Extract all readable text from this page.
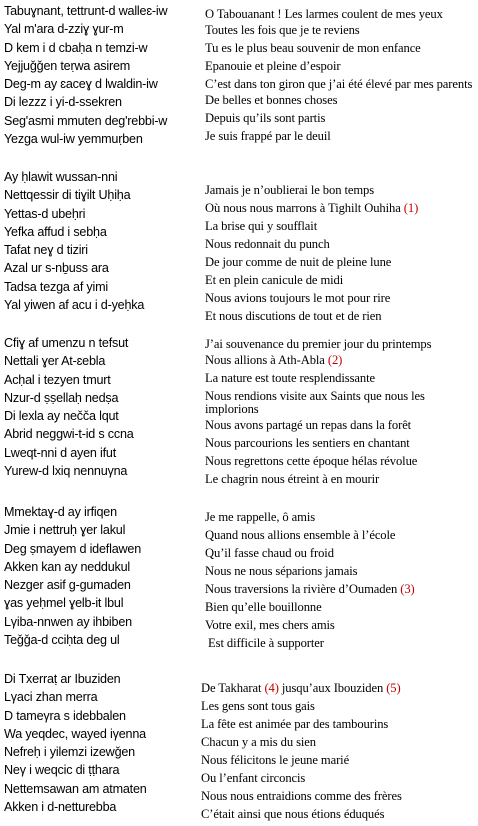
Tabuɣnant, tettrunt-d walleɛ-iw
Yal m'ara d-zziɣ ɣur-m
D kem i d cbaḥa n temzi-w
Yejjuǧǧen teṛwa asirem
Deg-m ay ɛaceɣ d lwaldin-iw
Di lezzz i yi-d-ssekren
Seg'asmi mmuten deg'rebbi-w
Yezga wul-iw yemmuṛben
O Tabouanant ! Les larmes coulent de mes yeux
Toutes les fois que je te reviens
Tu es le plus beau souvenir de mon enfance
Epanouie et pleine d’espoir
C’est dans ton giron que j’ai été élevé par mes parents
De belles et bonnes choses
Depuis qu’ils sont partis
Je suis frappé par le deuil
Ay ḥlawit wussan-nni
Nettqessir di tiɣilt Uḥiḥa
Yettas-d ubeḥri
Yefka affud i sebḥa
Tafat neɣ d tiziri
Azal ur s-nḇuss ara
Tadsa tezga af yimi
Yal yiwen af acu i d-yeḥka
Jamais je n’oublierai le bon temps
Où nous nous marrons à Tighilt Ouhiha (1)
La brise qui y soufflait
Nous redonnait du punch
De jour comme de nuit de pleine lune
Et en plein canicule de midi
Nous avions toujours le mot pour rire
Et nous discutions de tout et de rien
Cfiɣ af umenzu n tefsut
Nettali ɣer At-ɛebla
Acḥal i tezyen tmurt
Nzur-d ṣṣellaḥ nedṣa
Di lexla ay nečča lqut
Abrid neggwi-t-id s ccna
Lweqt-nni d ayen ifut
Yurew-d lxiq nennuγna
J’ai souvenance du premier jour du printemps
Nous allions à Ath-Abla (2)
La nature est toute resplendissante
Nous rendions visite aux Saints que nous les implorions
Nous avons partagé un repas dans la forêt
Nous parcourions les sentiers en chantant
Nous regrettons cette époque hélas révolue
Le chagrin nous étreint à en mourir
Mmektaɣ-d ay irfiqen
Jmie i nettruḥ ɣer lakul
Deg ṣmayem d ideflawen
Akken kan ay neddukul
Nezger asif g-gumaden
ɣas yeḥmel ɣelb-it lbul
Lγiba-nnwen ay ihbiben
Teǧǧa-d cciḥta deg ul
Je me rappelle, ô amis
Quand nous allions ensemble à l’école
Qu’il fasse chaud ou froid
Nous ne nous séparions jamais
Nous traversions la rivière d’Oumaden (3)
Bien qu’elle bouillonne
Votre exil, mes chers amis
Est difficile à supporter
Di Txerraṭ ar Ibuziden
Lγaci zhan merra
D tameγra s idebbalen
Wa yeqdec, wayed iγenna
Nefreḥ i yilemzi izewǧen
Neγ i weqcic di ṭṭhara
Nettemsawan am atmaten
Akken i d-netturebba
De Takharat (4) jusqu’aux Ibouziden (5)
Les gens sont tous gais
La fête est animée par des tambourins
Chacun y a mis du sien
Nous félicitons le jeune marié
Ou l’enfant circoncis
Nous nous entraidions comme des frères
C’était ainsi que nous étions éduqués
